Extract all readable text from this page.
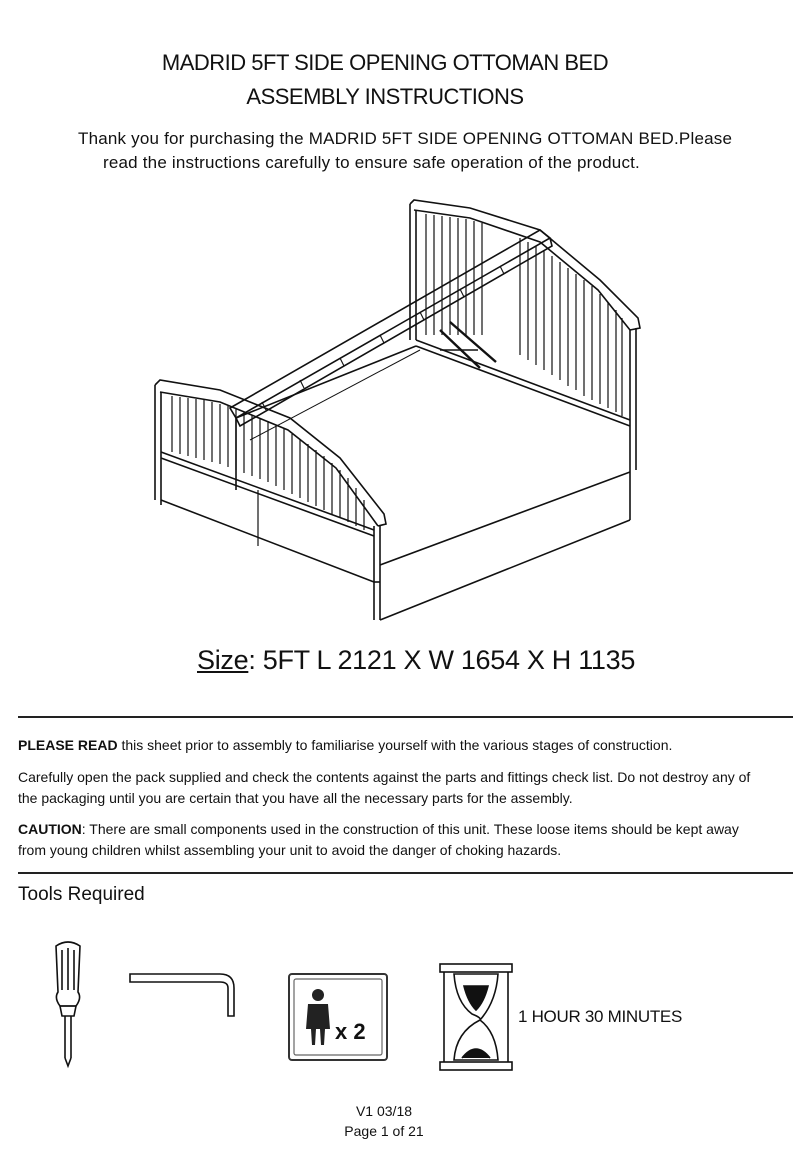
MADRID 5FT SIDE OPENING OTTOMAN BED
ASSEMBLY INSTRUCTIONS
Thank you for purchasing the MADRID 5FT SIDE OPENING OTTOMAN BED.Please
read the instructions carefully to ensure safe operation of the product.
Size: 5FT L 2121 X W 1654 X H 1135
PLEASE READ this sheet prior to assembly to familiarise yourself with the various stages of construction.
Carefully open the pack supplied and check the contents against the parts and fittings check list. Do not destroy any of
the packaging until you are certain that you have all the necessary parts for the assembly.
CAUTION: There are small components used in the construction of this unit. These loose items should be kept away
from young children whilst assembling your unit to avoid the danger of choking hazards.
Tools Required
x 2
1 HOUR 30 MINUTES
V1 03/18
Page 1 of 21
